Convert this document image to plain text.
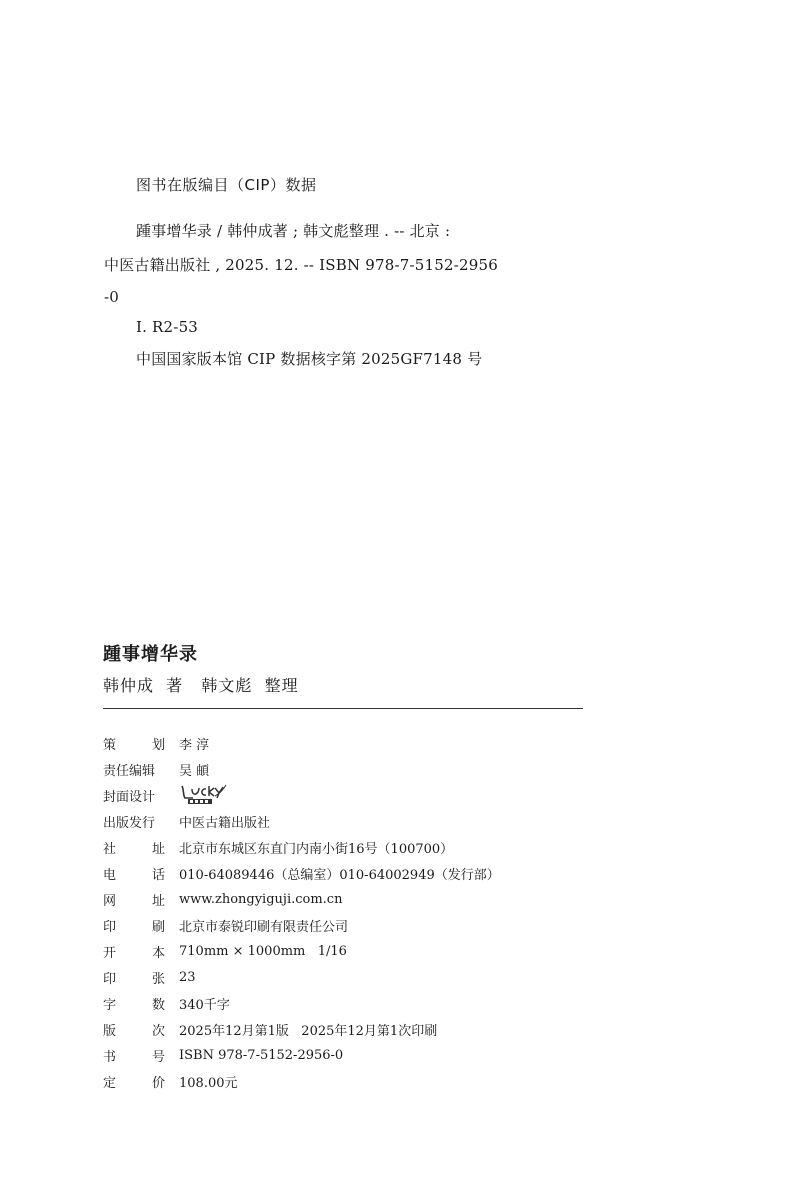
图书在版编目（CIP）数据
踵事增华录 / 韩仲成著 ; 韩文彪整理 . -- 北京 :
中医古籍出版社 , 2025. 12. -- ISBN 978-7-5152-2956
-0
Ⅰ. R2-53
中国国家版本馆 CIP 数据核字第 2025GF7148 号
踵事增华录
韩仲成  著   韩文彪  整理
策	划 李 淳
责任编辑 吴 頔
封面设计
出版发行 中医古籍出版社
社	址 北京市东城区东直门内南小街16号（100700）
电	话 010-64089446（总编室）010-64002949（发行部）
网	址 www.zhongyiguji.com.cn
印	刷 北京市泰锐印刷有限责任公司
开	本 710mm × 1000mm   1/16
印	张 23
字	数 340千字
版	次 2025年12月第1版   2025年12月第1次印刷
书	号 ISBN 978-7-5152-2956-0
定	价 108.00元
